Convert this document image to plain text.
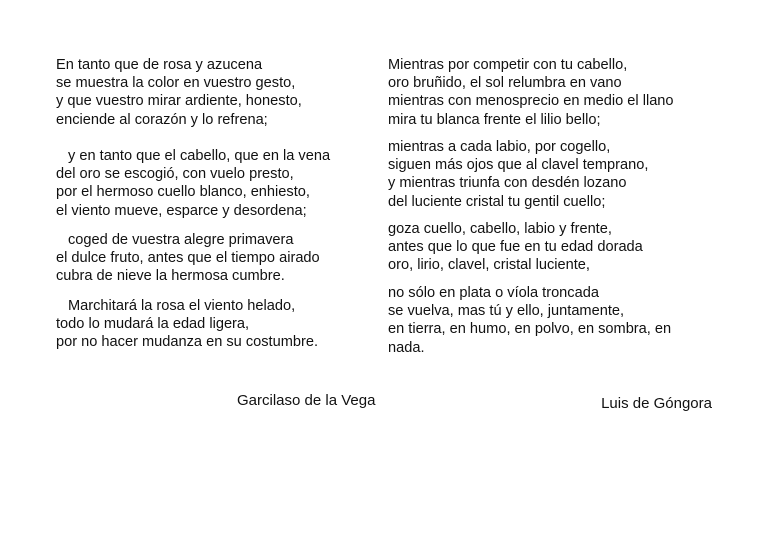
En tanto que de rosa y azucena
se muestra la color en vuestro gesto,
y que vuestro mirar ardiente, honesto,
enciende al corazón y lo refrena;
y en tanto que el cabello, que en la vena
del oro se escogió, con vuelo presto,
por el hermoso cuello blanco, enhiesto,
el viento mueve, esparce y desordena;
coged de vuestra alegre primavera
el dulce fruto, antes que el tiempo airado
cubra de nieve la hermosa cumbre.
Marchitará la rosa el viento helado,
todo lo mudará la edad ligera,
por no hacer mudanza en su costumbre.
Mientras por competir con tu cabello,
oro bruñido, el sol relumbra en vano
mientras con menosprecio en medio el llano
mira tu blanca frente el lilio bello;
mientras a cada labio, por cogello,
siguen más ojos que al clavel temprano,
y mientras triunfa con desdén lozano
del luciente cristal tu gentil cuello;
goza cuello, cabello, labio y frente,
antes que lo que fue en tu edad dorada
oro, lirio, clavel, cristal luciente,
no sólo en plata o víola troncada
se vuelva, mas tú y ello, juntamente,
en tierra, en humo, en polvo, en sombra, en
nada.
Garcilaso de la Vega	Luis de Góngora
